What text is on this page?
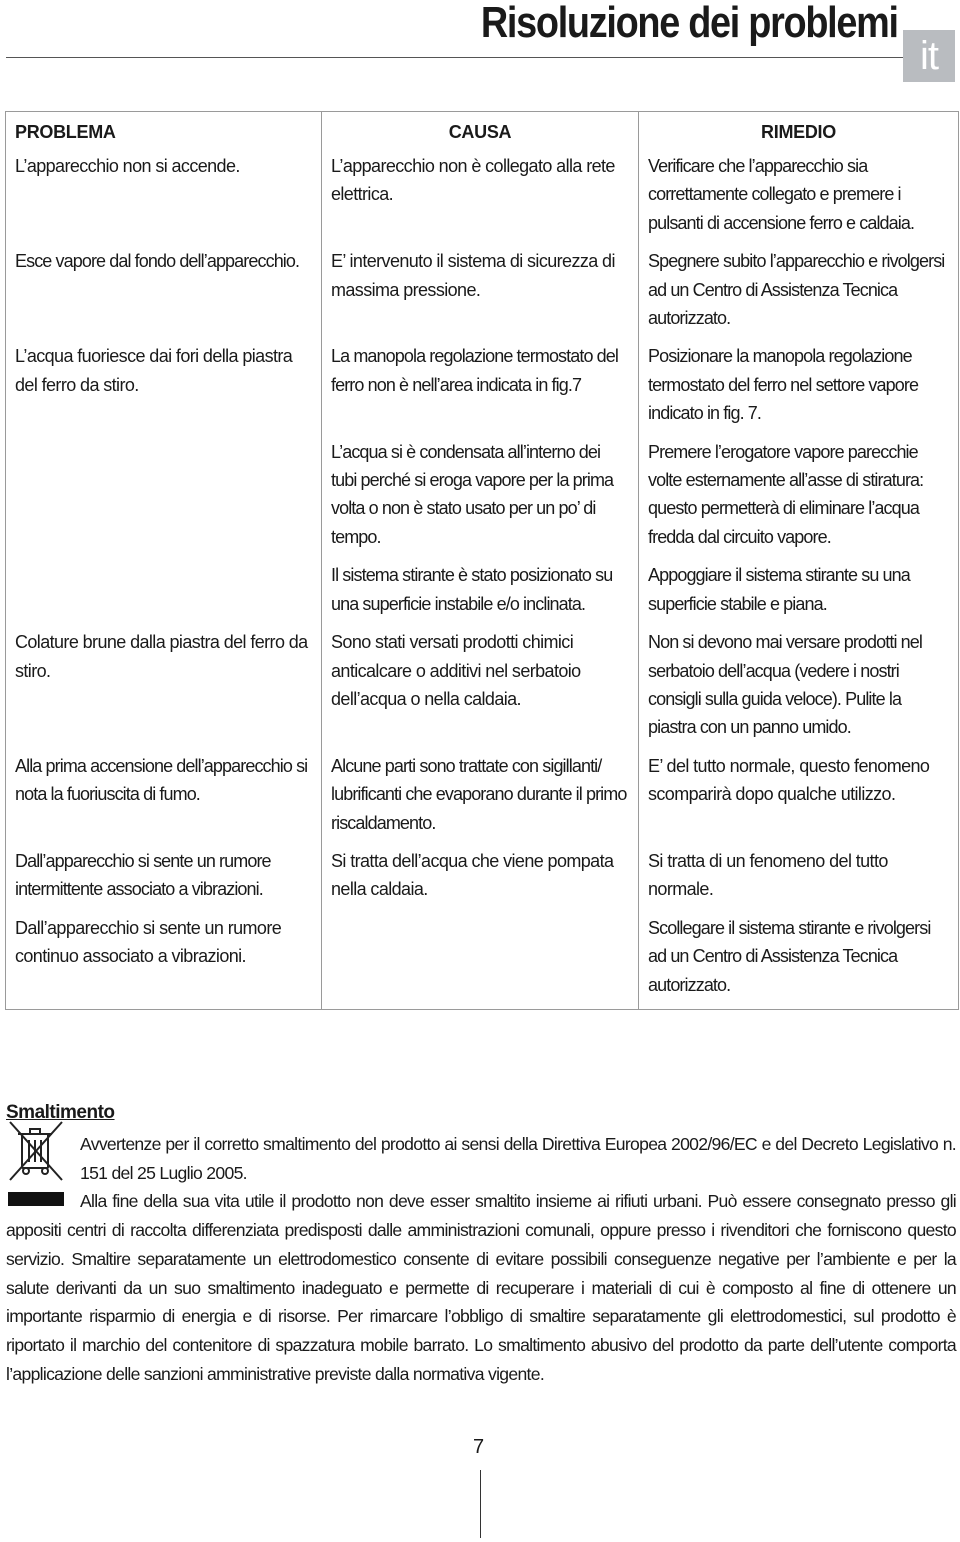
Risoluzione dei problemi
it
PROBLEMA	CAUSA	RIMEDIO

L’apparecchio non si accende.	L’apparecchio non è collegato alla rete elettrica.	Verificare che l’apparecchio sia correttamente collegato e premere i pulsanti di accensione ferro e caldaia.

Esce vapore dal fondo dell’apparecchio.	E’ intervenuto il sistema di sicurezza di massima pressione.	Spegnere subito l’apparecchio e rivolgersi ad un Centro di Assistenza Tecnica autorizzato.

L’acqua fuoriesce dai fori della piastra del ferro da stiro.	La manopola regolazione termostato del ferro non è nell’area indicata in fig.7	Posizionare la manopola regolazione termostato del ferro nel settore vapore indicato in fig. 7.

	L’acqua si è condensata all’interno dei tubi perché si eroga vapore per la prima volta o non è stato usato per un po’ di tempo.	Premere l’erogatore vapore parecchie volte esternamente all’asse di stiratura: questo permetterà di eliminare l’acqua fredda dal circuito vapore.

	Il sistema stirante è stato posizionato su una superficie instabile e/o inclinata.	Appoggiare il sistema stirante su una superficie stabile e piana.

Colature brune dalla piastra del ferro da stiro.	Sono stati versati prodotti chimici anticalcare o additivi nel serbatoio dell’acqua o nella caldaia.	Non si devono mai versare prodotti nel serbatoio dell’acqua (vedere i nostri consigli sulla guida veloce). Pulite la piastra con un panno umido.

Alla prima accensione dell’apparecchio si nota la fuoriuscita di fumo.	Alcune parti sono trattate con sigillanti/ lubrificanti che evaporano durante il primo riscaldamento.	E’ del tutto normale, questo fenomeno scomparirà dopo qualche utilizzo.

Dall’apparecchio si sente un rumore intermittente associato a vibrazioni.	Si tratta dell’acqua che viene pompata nella caldaia.	Si tratta di un fenomeno del tutto normale.

Dall’apparecchio si sente un rumore continuo associato a vibrazioni.		Scollegare il sistema stirante e rivolgersi ad un Centro di Assistenza Tecnica autorizzato.
Smaltimento
Avvertenze per il corretto smaltimento del prodotto ai sensi della Direttiva Europea 2002/96/EC e del Decreto Legislativo n. 151 del 25 Luglio 2005.
Alla fine della sua vita utile il prodotto non deve esser smaltito insieme ai rifiuti urbani. Può essere consegnato presso gli appositi centri di raccolta differenziata predisposti dalle amministrazioni comunali, oppure presso i rivenditori che forniscono questo servizio. Smaltire separatamente un elettrodomestico consente di evitare possibili conseguenze negative per l’ambiente e per la salute derivanti da un suo smaltimento inadeguato e permette di recuperare i materiali di cui è composto al fine di ottenere un importante risparmio di energia e di risorse. Per rimarcare l’obbligo di smaltire separatamente gli elettrodomestici, sul prodotto è riportato il marchio del contenitore di spazzatura mobile barrato. Lo smaltimento abusivo del prodotto da parte dell’utente comporta l’applicazione delle sanzioni amministrative previste dalla normativa vigente.
7
